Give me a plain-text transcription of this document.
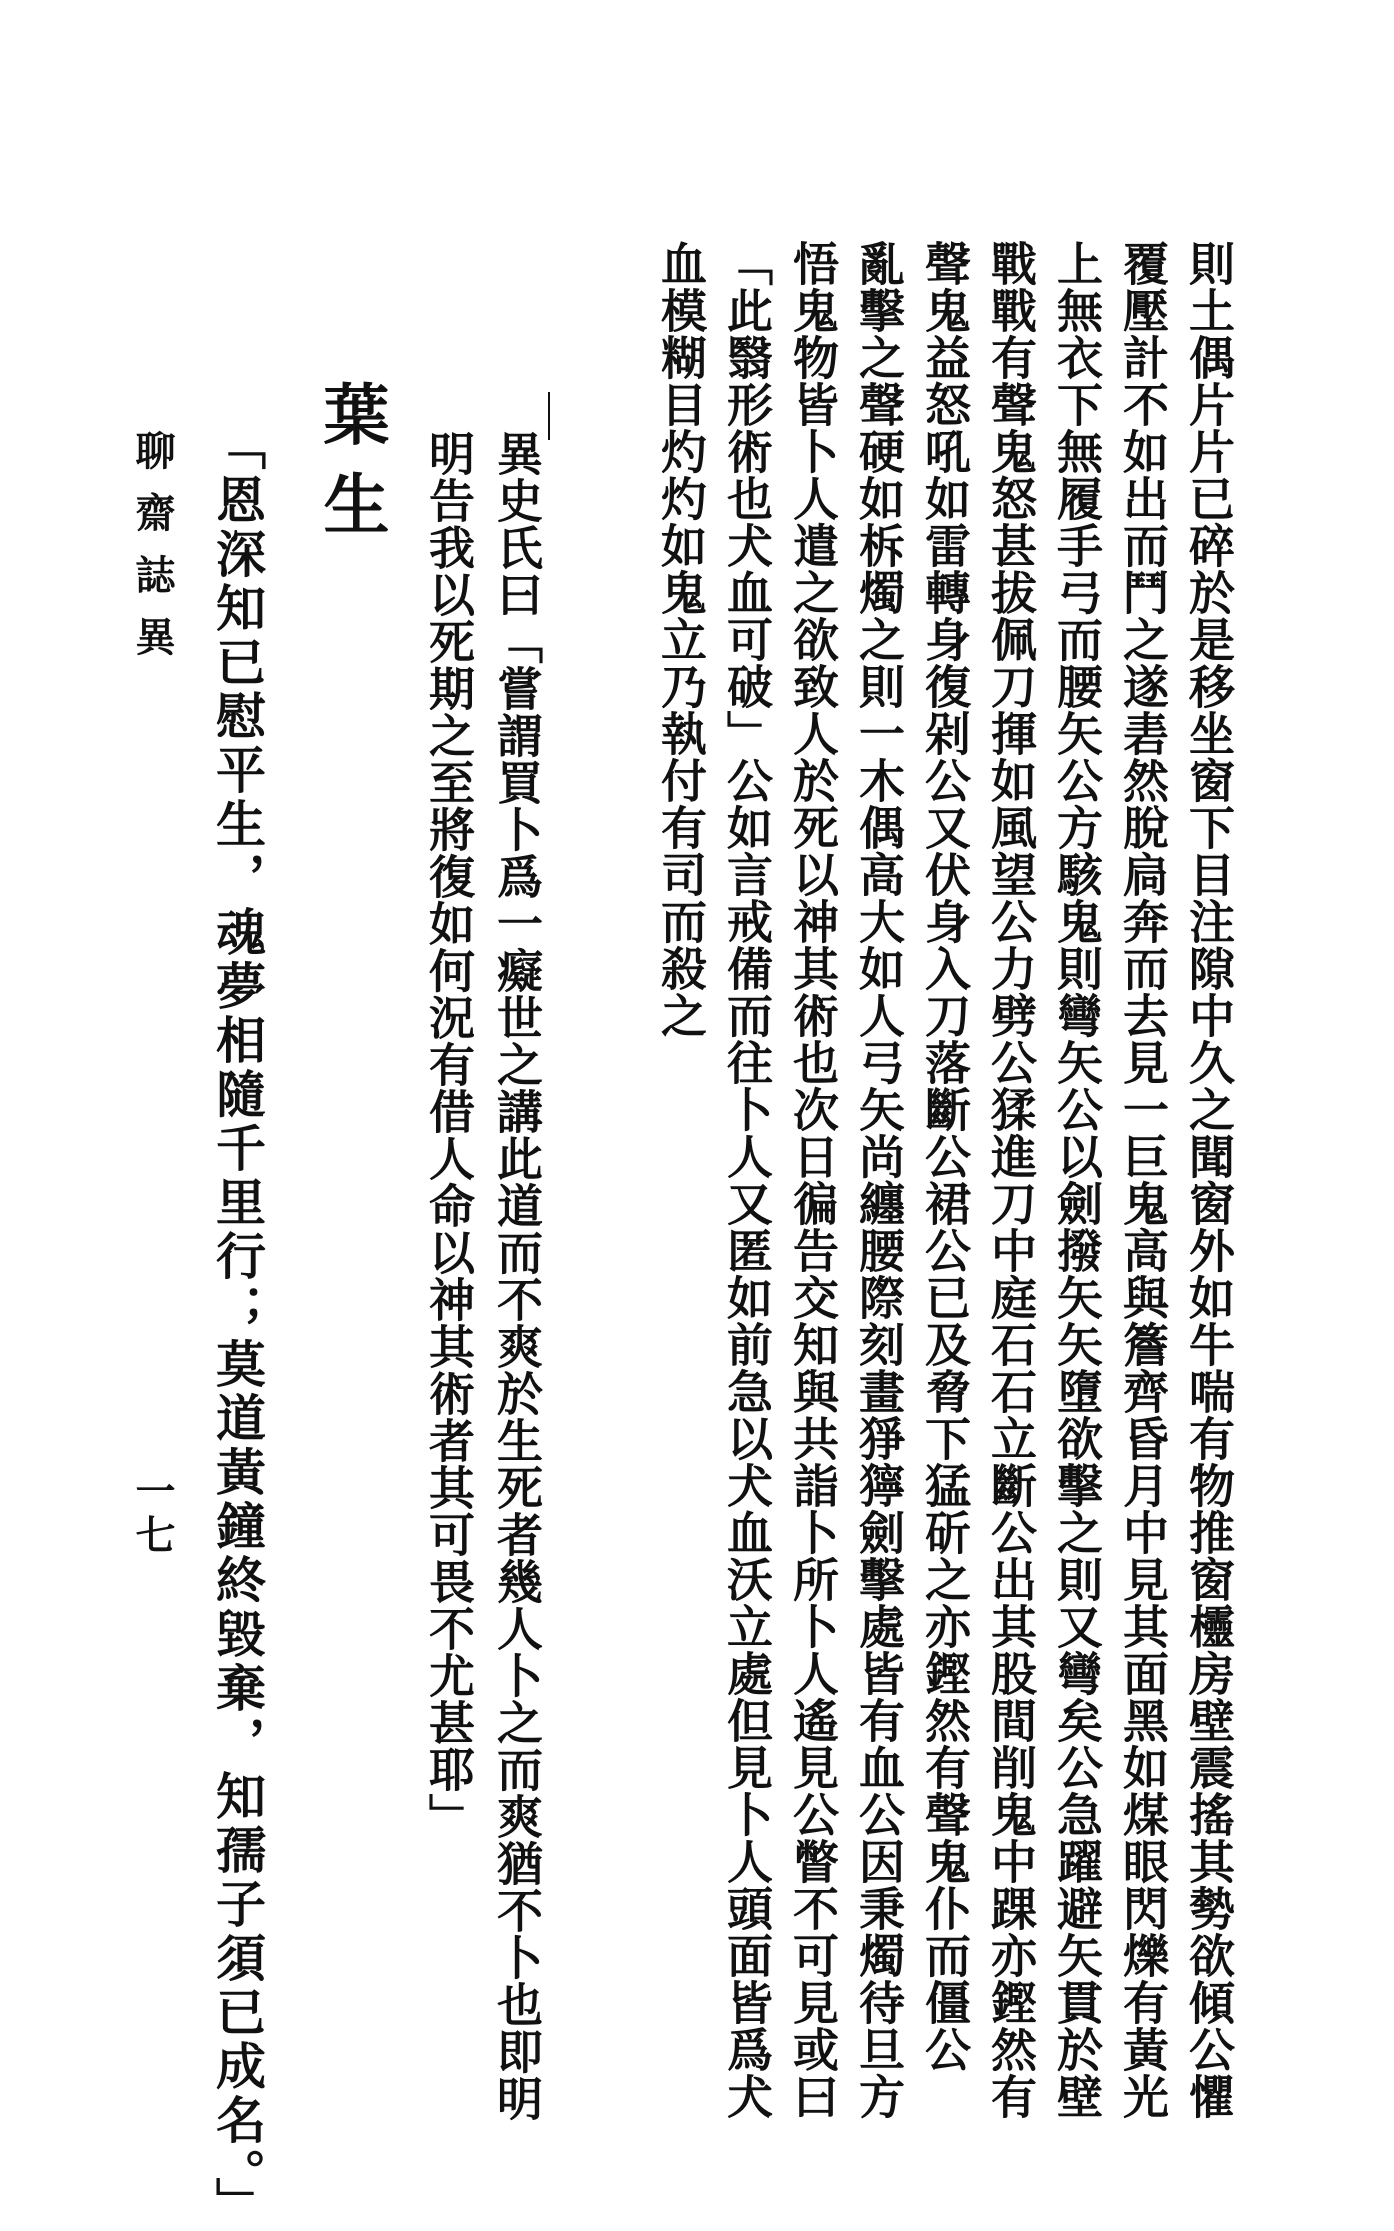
則土偶片片已碎於是移坐窗下目注隙中久之聞窗外如牛喘有物推窗欞房壁震搖其勢欲傾公懼
覆壓計不如出而鬥之遂砉然脫扃奔而去見一巨鬼高與簷齊昏月中見其面黑如煤眼閃爍有黃光
上無衣下無履手弓而腰矢公方駭鬼則彎矢公以劍撥矢矢墮欲擊之則又彎矣公急躍避矢貫於壁
戰戰有聲鬼怒甚拔佩刀揮如風望公力劈公猱進刀中庭石石立斷公出其股間削鬼中踝亦鏗然有
聲鬼益怒吼如雷轉身復剁公又伏身入刀落斷公裙公已及脅下猛斫之亦鏗然有聲鬼仆而僵公
亂擊之聲硬如柝燭之則一木偶高大如人弓矢尚纏腰際刻畫猙獰劍擊處皆有血公因秉燭待旦方
悟鬼物皆卜人遣之欲致人於死以神其術也次日徧告交知與共詣卜所卜人遙見公瞥不可見或曰
「此翳形術也犬血可破」公如言戒備而往卜人又匿如前急以犬血沃立處但見卜人頭面皆爲犬
血模糊目灼灼如鬼立乃執付有司而殺之
異史氏曰「嘗謂買卜爲一癡世之講此道而不爽於生死者幾人卜之而爽猶不卜也即明
明告我以死期之至將復如何況有借人命以神其術者其可畏不尤甚耶」
葉生
「恩深知已慰平生，魂夢相隨千里行；莫道黃鐘終毀棄，知孺子須已成名。」
聊齋誌異
一七
